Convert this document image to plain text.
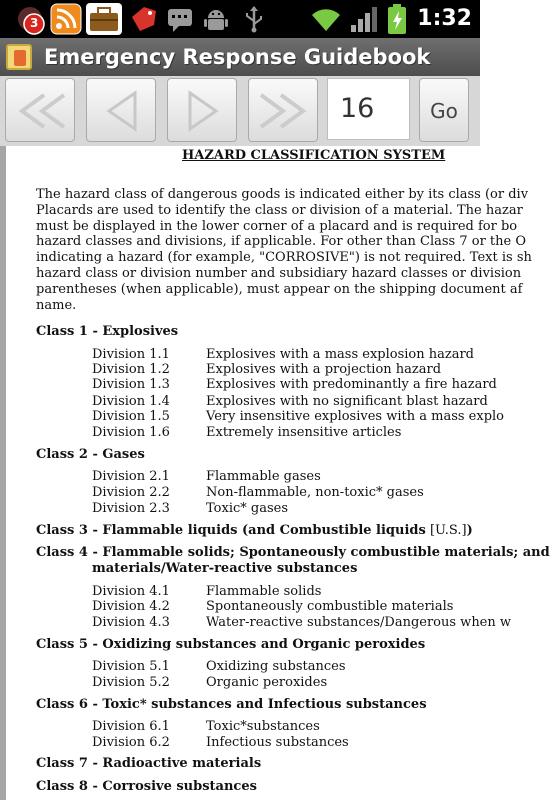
3	1:32
Emergency Response Guidebook
16	Go
HAZARD CLASSIFICATION SYSTEM
The hazard class of dangerous goods is indicated either by its class (or div
Placards are used to identify the class or division of a material. The hazar
must be displayed in the lower corner of a placard and is required for bo
hazard classes and divisions, if applicable. For other than Class 7 or the O
indicating a hazard (for example, "CORROSIVE") is not required. Text is sh
hazard class or division number and subsidiary hazard classes or division
parentheses (when applicable), must appear on the shipping document af
name.
Class 1 - Explosives
Division 1.1	Explosives with a mass explosion hazard
Division 1.2	Explosives with a projection hazard
Division 1.3	Explosives with predominantly a fire hazard
Division 1.4	Explosives with no significant blast hazard
Division 1.5	Very insensitive explosives with a mass explo
Division 1.6	Extremely insensitive articles
Class 2 - Gases
Division 2.1	Flammable gases
Division 2.2	Non-flammable, non-toxic* gases
Division 2.3	Toxic* gases
Class 3 - Flammable liquids (and Combustible liquids [U.S.])
Class 4 - Flammable solids; Spontaneously combustible materials; and
materials/Water-reactive substances
Division 4.1	Flammable solids
Division 4.2	Spontaneously combustible materials
Division 4.3	Water-reactive substances/Dangerous when w
Class 5 - Oxidizing substances and Organic peroxides
Division 5.1	Oxidizing substances
Division 5.2	Organic peroxides
Class 6 - Toxic* substances and Infectious substances
Division 6.1	Toxic*substances
Division 6.2	Infectious substances
Class 7 - Radioactive materials
Class 8 - Corrosive substances
